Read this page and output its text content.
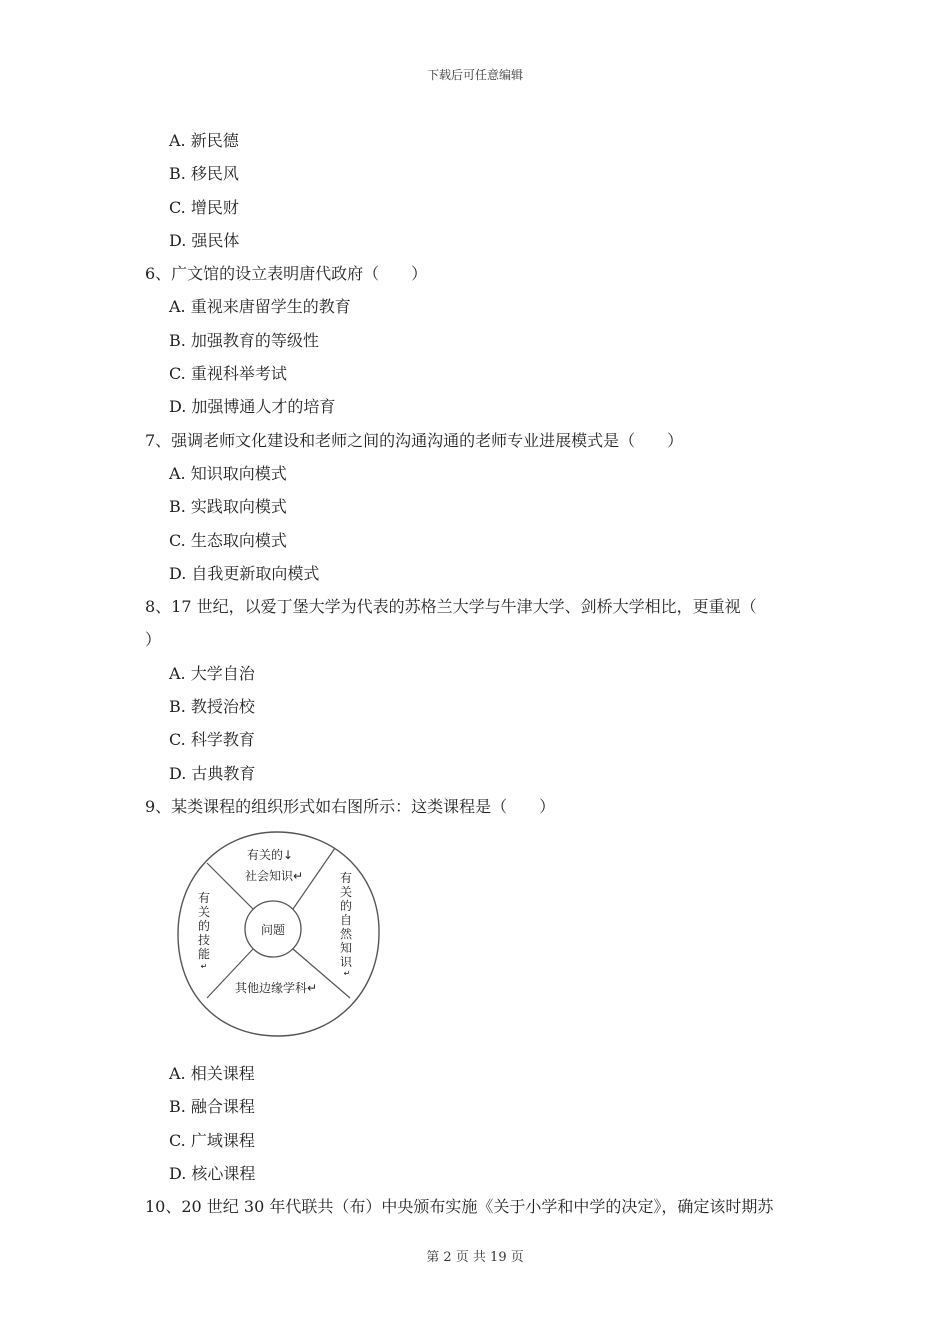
下载后可任意编辑
A. 新民德
B. 移民风
C. 增民财
D. 强民体
6、广文馆的设立表明唐代政府（　　）
A. 重视来唐留学生的教育
B. 加强教育的等级性
C. 重视科举考试
D. 加强博通人才的培育
7、强调老师文化建设和老师之间的沟通沟通的老师专业进展模式是（　　）
A. 知识取向模式
B. 实践取向模式
C. 生态取向模式
D. 自我更新取向模式
8、17 世纪，以爱丁堡大学为代表的苏格兰大学与牛津大学、剑桥大学相比，更重视（
）
A. 大学自治
B. 教授治校
C. 科学教育
D. 古典教育
9、某类课程的组织形式如右图所示：这类课程是（　　）
问题
有关的↓
社会知识↵
有
关
的
技
能
↵
有
关
的
自
然
知
识
↵
其他边缘学科↵
A. 相关课程
B. 融合课程
C. 广域课程
D. 核心课程
10、20 世纪 30 年代联共（布）中央颁布实施《关于小学和中学的决定》，确定该时期苏
第 2 页 共 19 页
